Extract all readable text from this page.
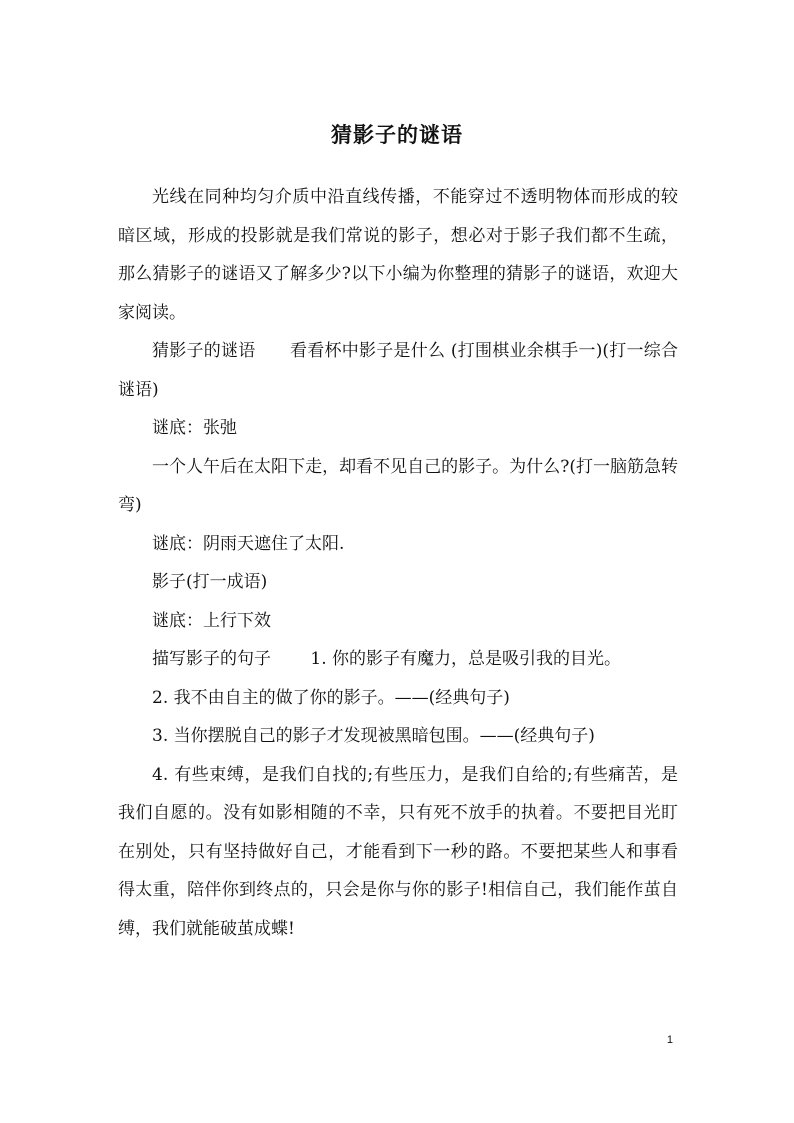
猜影子的谜语

光线在同种均匀介质中沿直线传播，不能穿过不透明物体而形成的较暗区域，形成的投影就是我们常说的影子，想必对于影子我们都不生疏，那么猜影子的谜语又了解多少?以下小编为你整理的猜影子的谜语，欢迎大家阅读。

猜影子的谜语　　看看杯中影子是什么 (打围棋业余棋手一)(打一综合谜语)

谜底：张弛

一个人午后在太阳下走，却看不见自己的影子。为什么?(打一脑筋急转弯)

谜底：阴雨天遮住了太阳.

影子(打一成语)

谜底：上行下效

描写影子的句子　　 1. 你的影子有魔力，总是吸引我的目光。

2. 我不由自主的做了你的影子。——(经典句子)

3. 当你摆脱自己的影子才发现被黑暗包围。——(经典句子)

4. 有些束缚，是我们自找的;有些压力，是我们自给的;有些痛苦，是我们自愿的。没有如影相随的不幸，只有死不放手的执着。不要把目光盯在别处，只有坚持做好自己，才能看到下一秒的路。不要把某些人和事看得太重，陪伴你到终点的，只会是你与你的影子!相信自己，我们能作茧自缚，我们就能破茧成蝶!

1
